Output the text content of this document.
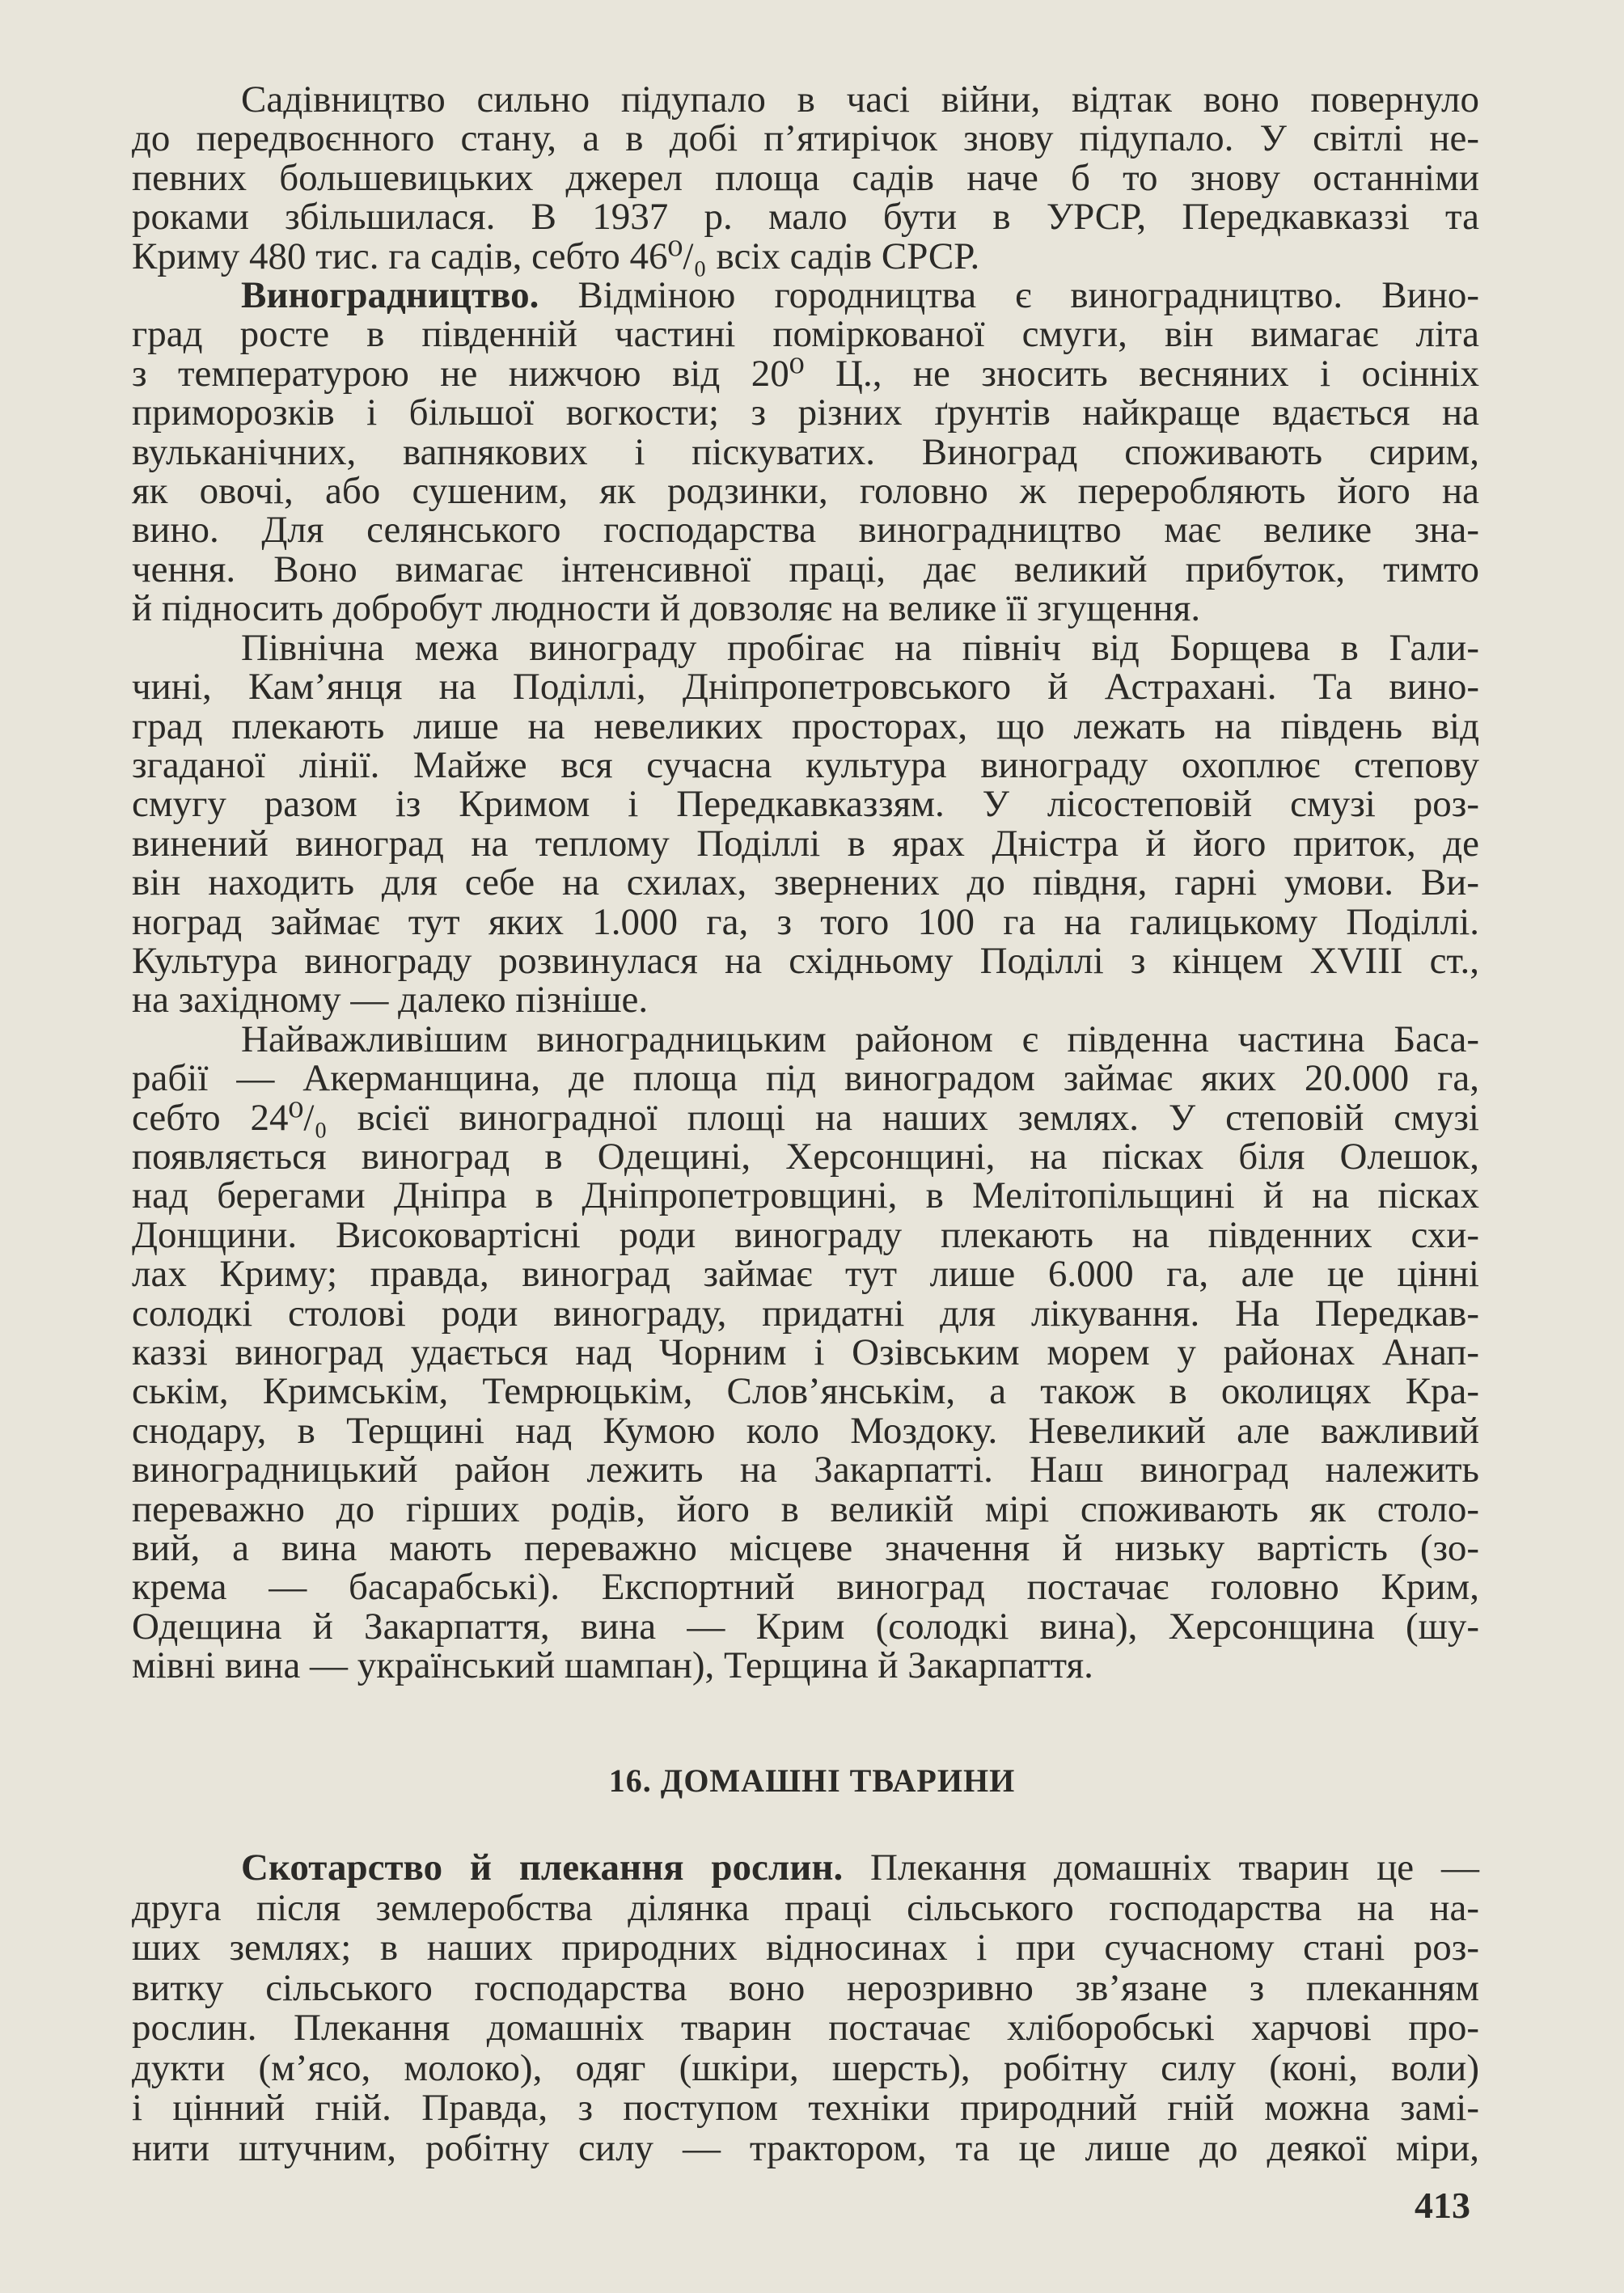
Садівництво сильно підупало в часі війни, відтак воно повернуло
до передвоєнного стану, а в добі п’ятирічок знову підупало. У світлі не-
певних большевицьких джерел площа садів наче б то знову останніми
роками збільшилася. В 1937 р. мало бути в УРСР, Передкавказзі та
Криму 480 тис. га садів, себто 46⁰/₀ всіх садів СРСР.
Виноградництво. Відміною городництва є виноградництво. Вино-
град росте в південній частині поміркованої смуги, він вимагає літа
з температурою не нижчою від 20⁰ Ц., не зносить весняних і осінніх
приморозків і більшої вогкости; з різних ґрунтів найкраще вдається на
вульканічних, вапнякових і піскуватих. Виноград споживають сирим,
як овочі, або сушеним, як родзинки, головно ж переробляють його на
вино. Для селянського господарства виноградництво має велике зна-
чення. Воно вимагає інтенсивної праці, дає великий прибуток, тимто
й підносить добробут людности й довзоляє на велике її згущення.
Північна межа винограду пробігає на північ від Борщева в Гали-
чині, Кам’янця на Поділлі, Дніпропетровського й Астрахані. Та вино-
град плекають лише на невеликих просторах, що лежать на південь від
згаданої лінії. Майже вся сучасна культура винограду охоплює степову
смугу разом із Кримом і Передкавказзям. У лісостеповій смузі роз-
винений виноград на теплому Поділлі в ярах Дністра й його приток, де
він находить для себе на схилах, звернених до півдня, гарні умови. Ви-
ноград займає тут яких 1.000 га, з того 100 га на галицькому Поділлі.
Культура винограду розвинулася на східньому Поділлі з кінцем XVIII ст.,
на західному — далеко пізніше.
Найважливішим виноградницьким районом є південна частина Баса-
рабії — Акерманщина, де площа під виноградом займає яких 20.000 га,
себто 24⁰/₀ всієї виноградної площі на наших землях. У степовій смузі
появляється виноград в Одещині, Херсонщині, на пісках біля Олешок,
над берегами Дніпра в Дніпропетровщині, в Мелітопільщині й на пісках
Донщини. Високовартісні роди винограду плекають на південних схи-
лах Криму; правда, виноград займає тут лише 6.000 га, але це цінні
солодкі столові роди винограду, придатні для лікування. На Передкав-
каззі виноград удається над Чорним і Озівським морем у районах Анап-
ськім, Кримськім, Темрюцькім, Слов’янськім, а також в околицях Кра-
снодару, в Терщині над Кумою коло Моздоку. Невеликий але важливий
виноградницький район лежить на Закарпатті. Наш виноград належить
переважно до гірших родів, його в великій мірі споживають як столо-
вий, а вина мають переважно місцеве значення й низьку вартість (зо-
крема — басарабські). Експортний виноград постачає головно Крим,
Одещина й Закарпаття, вина — Крим (солодкі вина), Херсонщина (шу-
мівні вина — український шампан), Терщина й Закарпаття.
16. ДОМАШНІ ТВАРИНИ
Скотарство й плекання рослин. Плекання домашніх тварин це —
друга після землеробства ділянка праці сільського господарства на на-
ших землях; в наших природних відносинах і при сучасному стані роз-
витку сільського господарства воно нерозривно зв’язане з плеканням
рослин. Плекання домашніх тварин постачає хліборобські харчові про-
дукти (м’ясо, молоко), одяг (шкіри, шерсть), робітну силу (коні, воли)
і цінний гній. Правда, з поступом техніки природний гній можна замі-
нити штучним, робітну силу — трактором, та це лише до деякої міри,
413
